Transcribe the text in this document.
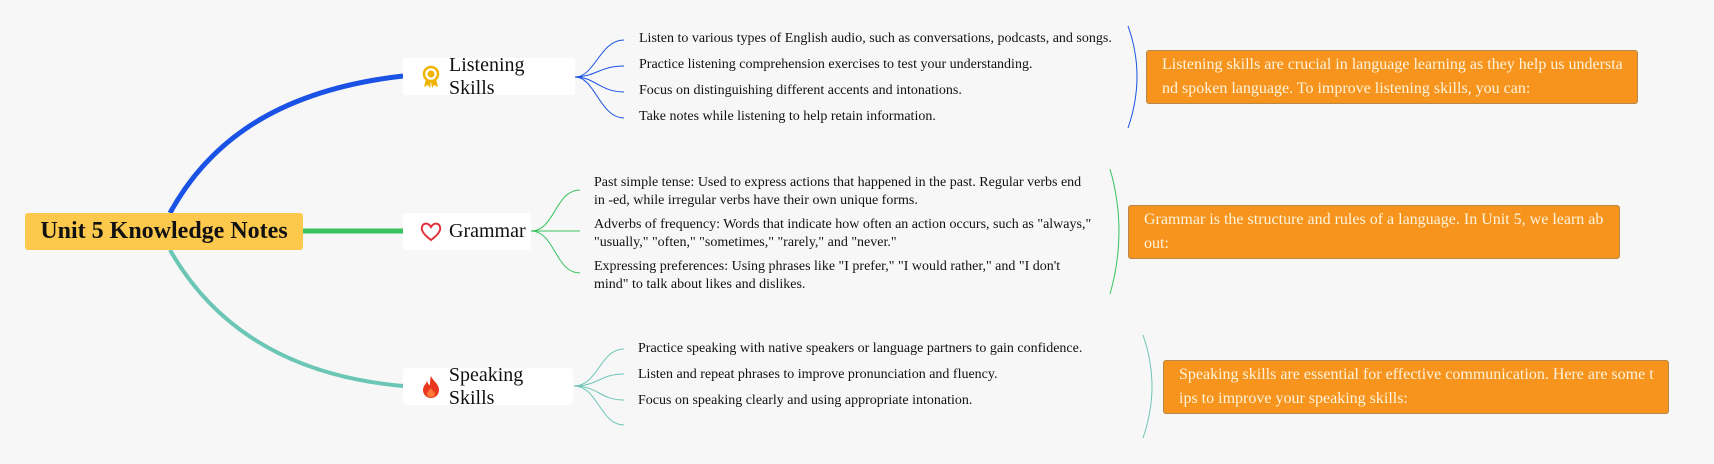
Unit 5 Knowledge Notes
Listening Skills
Listen to various types of English audio, such as conversations, podcasts, and songs.
Practice listening comprehension exercises to test your understanding.
Focus on distinguishing different accents and intonations.
Take notes while listening to help retain information.
Listening skills are crucial in language learning as they help us understa
nd spoken language. To improve listening skills, you can:
Grammar
Past simple tense: Used to express actions that happened in the past. Regular verbs end in -ed, while irregular verbs have their own unique forms.
Adverbs of frequency: Words that indicate how often an action occurs, such as "always," "usually," "often," "sometimes," "rarely," and "never."
Expressing preferences: Using phrases like "I prefer," "I would rather," and "I don't mind" to talk about likes and dislikes.
Grammar is the structure and rules of a language. In Unit 5, we learn ab
out:
Speaking Skills
Practice speaking with native speakers or language partners to gain confidence.
Listen and repeat phrases to improve pronunciation and fluency.
Focus on speaking clearly and using appropriate intonation.
Speaking skills are essential for effective communication. Here are some t
ips to improve your speaking skills:
